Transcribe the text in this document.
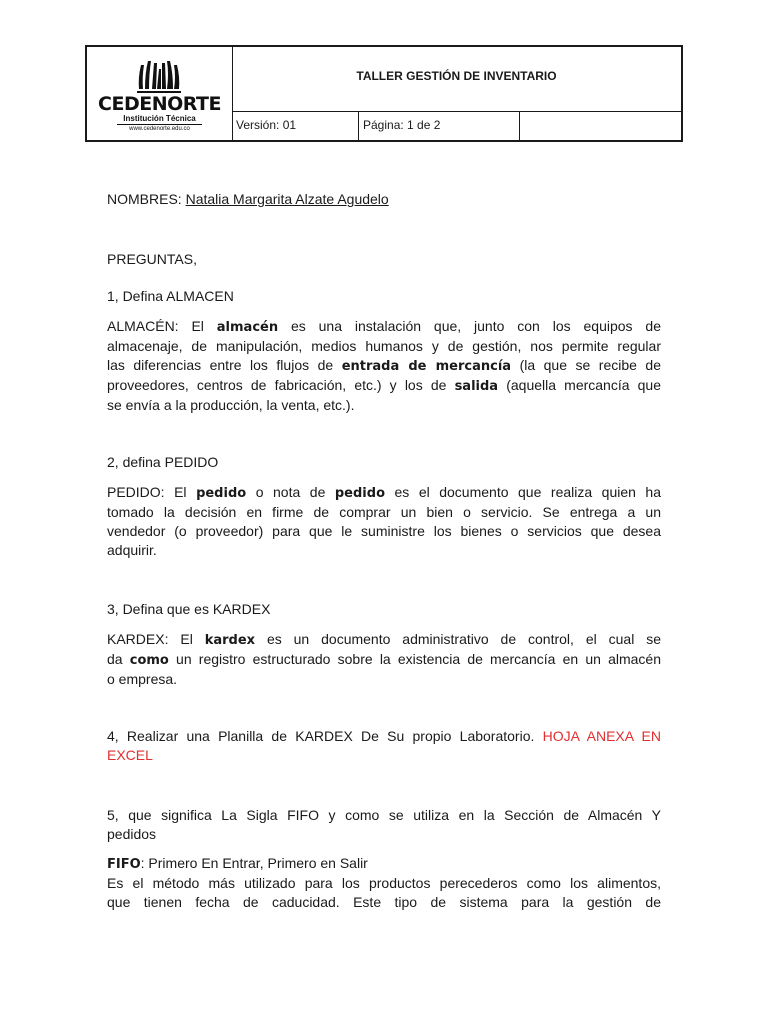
CEDENORTE
Institución Técnica
www.cedenorte.edu.co
TALLER GESTIÓN DE INVENTARIO
Versión: 01	Página: 1 de 2
NOMBRES: Natalia Margarita Alzate Agudelo
PREGUNTAS,
1, Defina ALMACEN
ALMACÉN: El almacén es una instalación que, junto con los equipos de
almacenaje, de manipulación, medios humanos y de gestión, nos permite regular
las diferencias entre los flujos de entrada de mercancía (la que se recibe de
proveedores, centros de fabricación, etc.) y los de salida (aquella mercancía que
se envía a la producción, la venta, etc.).
2, defina PEDIDO
PEDIDO: El pedido o nota de pedido es el documento que realiza quien ha
tomado la decisión en firme de comprar un bien o servicio. Se entrega a un
vendedor (o proveedor) para que le suministre los bienes o servicios que desea
adquirir.
3, Defina que es KARDEX
KARDEX: El kardex es un documento administrativo de control, el cual se
da como un registro estructurado sobre la existencia de mercancía en un almacén
o empresa.
4, Realizar una Planilla de KARDEX De Su propio Laboratorio. HOJA ANEXA EN
EXCEL
5, que significa La Sigla FIFO y como se utiliza en la Sección de Almacén Y
pedidos
FIFO: Primero En Entrar, Primero en Salir
Es el método más utilizado para los productos perecederos como los alimentos,
que tienen fecha de caducidad. Este tipo de sistema para la gestión de
